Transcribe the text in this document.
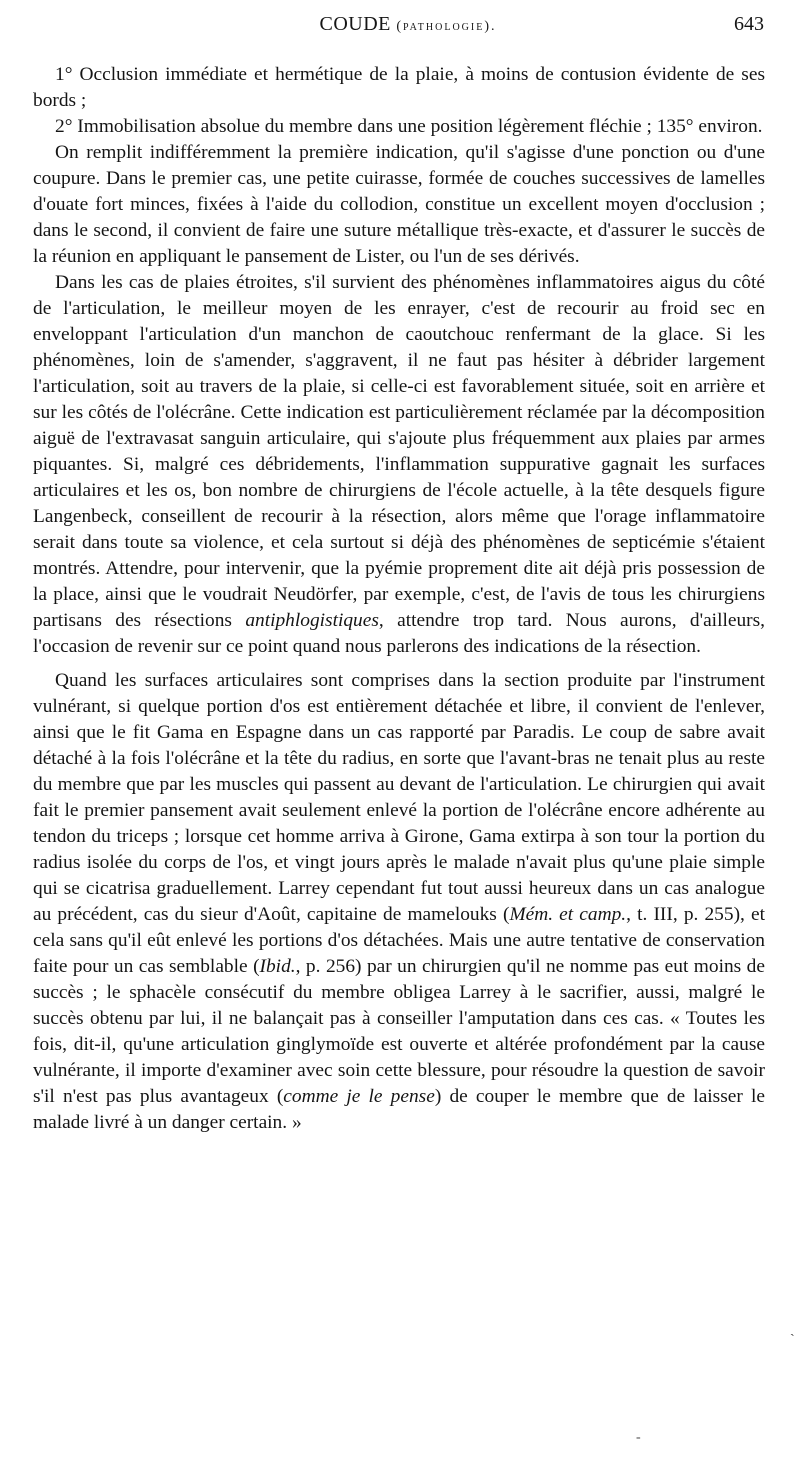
COUDE (pathologie).	643

1° Occlusion immédiate et hermétique de la plaie, à moins de contusion évidente de ses bords ;

2° Immobilisation absolue du membre dans une position légèrement fléchie ; 135° environ.

On remplit indifféremment la première indication, qu'il s'agisse d'une ponction ou d'une coupure. Dans le premier cas, une petite cuirasse, formée de couches successives de lamelles d'ouate fort minces, fixées à l'aide du collodion, constitue un excellent moyen d'occlusion ; dans le second, il convient de faire une suture métallique très-exacte, et d'assurer le succès de la réunion en appliquant le pansement de Lister, ou l'un de ses dérivés.

Dans les cas de plaies étroites, s'il survient des phénomènes inflammatoires aigus du côté de l'articulation, le meilleur moyen de les enrayer, c'est de recourir au froid sec en enveloppant l'articulation d'un manchon de caoutchouc renfermant de la glace. Si les phénomènes, loin de s'amender, s'aggravent, il ne faut pas hésiter à débrider largement l'articulation, soit au travers de la plaie, si celle-ci est favorablement située, soit en arrière et sur les côtés de l'olécrâne. Cette indication est particulièrement réclamée par la décomposition aiguë de l'extravasat sanguin articulaire, qui s'ajoute plus fréquemment aux plaies par armes piquantes. Si, malgré ces débridements, l'inflammation suppurative gagnait les surfaces articulaires et les os, bon nombre de chirurgiens de l'école actuelle, à la tête desquels figure Langenbeck, conseillent de recourir à la résection, alors même que l'orage inflammatoire serait dans toute sa violence, et cela surtout si déjà des phénomènes de septicémie s'étaient montrés. Attendre, pour intervenir, que la pyémie proprement dite ait déjà pris possession de la place, ainsi que le voudrait Neudörfer, par exemple, c'est, de l'avis de tous les chirurgiens partisans des résections antiphlogistiques, attendre trop tard. Nous aurons, d'ailleurs, l'occasion de revenir sur ce point quand nous parlerons des indications de la résection.

Quand les surfaces articulaires sont comprises dans la section produite par l'instrument vulnérant, si quelque portion d'os est entièrement détachée et libre, il convient de l'enlever, ainsi que le fit Gama en Espagne dans un cas rapporté par Paradis. Le coup de sabre avait détaché à la fois l'olécrâne et la tête du radius, en sorte que l'avant-bras ne tenait plus au reste du membre que par les muscles qui passent au devant de l'articulation. Le chirurgien qui avait fait le premier pansement avait seulement enlevé la portion de l'olécrâne encore adhérente au tendon du triceps ; lorsque cet homme arriva à Girone, Gama extirpa à son tour la portion du radius isolée du corps de l'os, et vingt jours après le malade n'avait plus qu'une plaie simple qui se cicatrisa graduellement. Larrey cependant fut tout aussi heureux dans un cas analogue au précédent, cas du sieur d'Août, capitaine de mamelouks (Mém. et camp., t. III, p. 255), et cela sans qu'il eût enlevé les portions d'os détachées. Mais une autre tentative de conservation faite pour un cas semblable (Ibid., p. 256) par un chirurgien qu'il ne nomme pas eut moins de succès ; le sphacèle consécutif du membre obligea Larrey à le sacrifier, aussi, malgré le succès obtenu par lui, il ne balançait pas à conseiller l'amputation dans ces cas. « Toutes les fois, dit-il, qu'une articulation ginglymoïde est ouverte et altérée profondément par la cause vulnérante, il importe d'examiner avec soin cette blessure, pour résoudre la question de savoir s'il n'est pas plus avantageux (comme je le pense) de couper le membre que de laisser le malade livré à un danger certain. »

ˏ
-
